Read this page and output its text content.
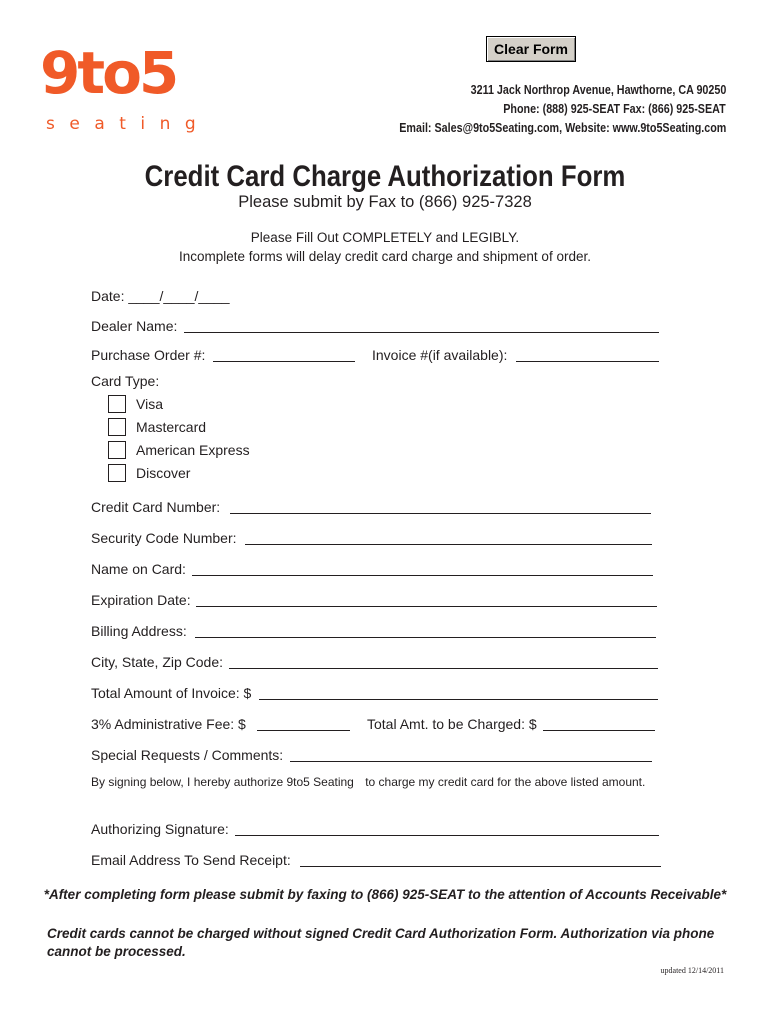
9to5
seating
Clear Form
3211 Jack Northrop Avenue, Hawthorne, CA 90250
Phone: (888) 925-SEAT Fax: (866) 925-SEAT
Email: Sales@9to5Seating.com, Website: www.9to5Seating.com
Credit Card Charge Authorization Form
Please submit by Fax to (866) 925-7328
Please Fill Out COMPLETELY and LEGIBLY.
Incomplete forms will delay credit card charge and shipment of order.
Date: ____/____/____
Dealer Name:
Purchase Order #:	Invoice #(if available):
Card Type:
Visa
Mastercard
American Express
Discover
Credit Card Number:
Security Code Number:
Name on Card:
Expiration Date:
Billing Address:
City, State, Zip Code:
Total Amount of Invoice: $
3% Administrative Fee: $	Total Amt. to be Charged: $
Special Requests / Comments:
By signing below, I hereby authorize 9to5 Seating to charge my credit card for the above listed amount.
Authorizing Signature:
Email Address To Send Receipt:
*After completing form please submit by faxing to (866) 925-SEAT to the attention of Accounts Receivable*
Credit cards cannot be charged without signed Credit Card Authorization Form. Authorization via phone
cannot be processed.
updated 12/14/2011
